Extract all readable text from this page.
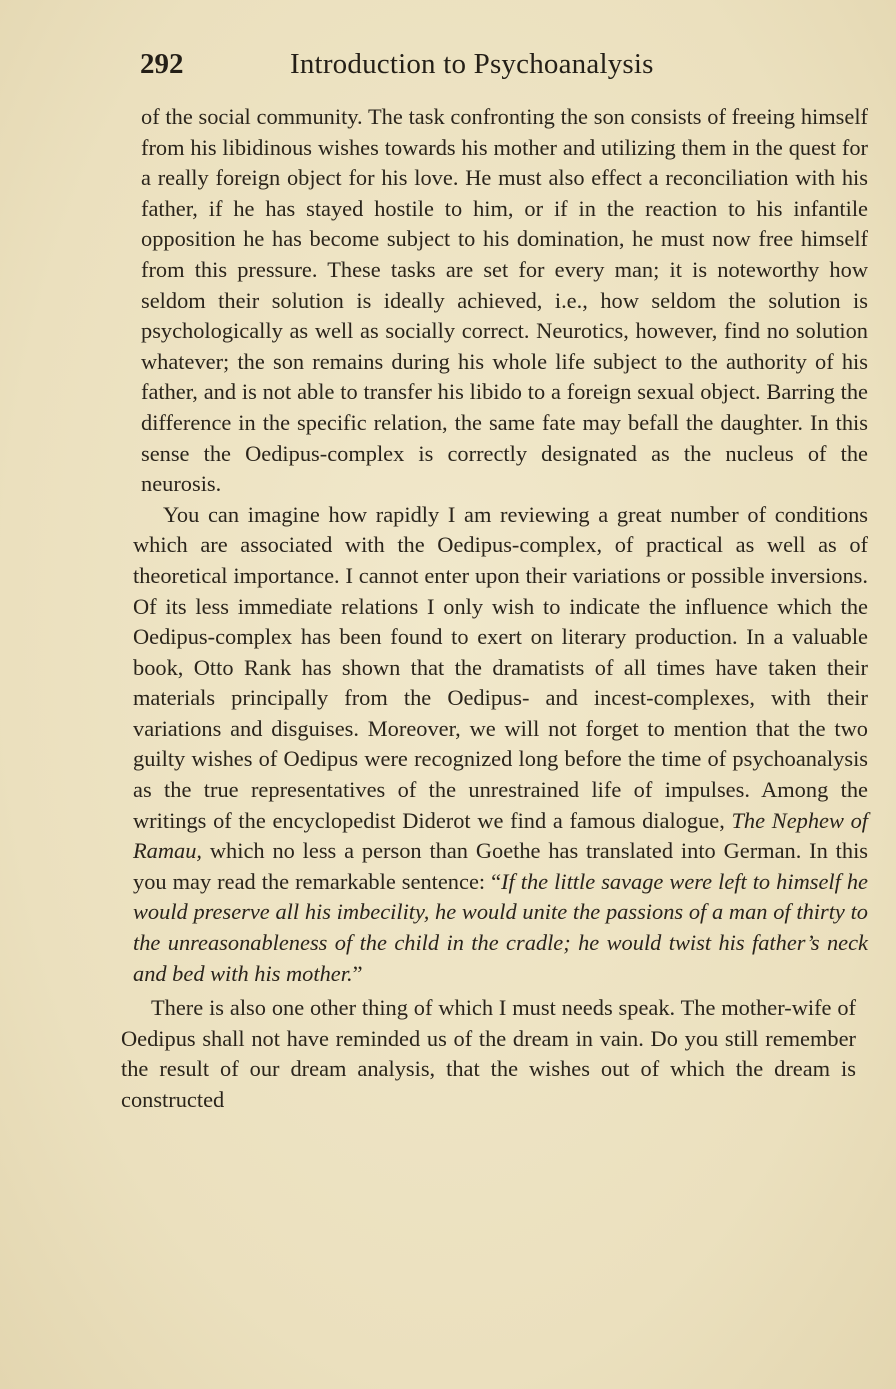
292	Introduction to Psychoanalysis

of the social community. The task confronting the son consists of freeing himself from his libidinous wishes towards his mother and utilizing them in the quest for a really foreign object for his love. He must also effect a reconciliation with his father, if he has stayed hostile to him, or if in the reaction to his infantile opposition he has become subject to his domination, he must now free himself from this pressure. These tasks are set for every man; it is noteworthy how seldom their solution is ideally achieved, i.e., how seldom the solution is psychologically as well as socially correct. Neurotics, however, find no solution whatever; the son remains during his whole life subject to the authority of his father, and is not able to transfer his libido to a foreign sexual object. Barring the difference in the specific relation, the same fate may befall the daughter. In this sense the Oedipus-complex is correctly designated as the nucleus of the neurosis.

You can imagine how rapidly I am reviewing a great number of conditions which are associated with the Oedipus-complex, of practical as well as of theoretical importance. I cannot enter upon their variations or possible inversions. Of its less immediate relations I only wish to indicate the influence which the Oedipus-complex has been found to exert on literary production. In a valuable book, Otto Rank has shown that the dramatists of all times have taken their materials principally from the Oedipus- and incest-complexes, with their variations and disguises. Moreover, we will not forget to mention that the two guilty wishes of Oedipus were recognized long before the time of psychoanalysis as the true representatives of the unrestrained life of impulses. Among the writings of the encyclopedist Diderot we find a famous dialogue, The Nephew of Ramau, which no less a person than Goethe has translated into German. In this you may read the remarkable sentence: “If the little savage were left to himself he would preserve all his imbecility, he would unite the passions of a man of thirty to the unreasonableness of the child in the cradle; he would twist his father’s neck and bed with his mother.”

There is also one other thing of which I must needs speak. The mother-wife of Oedipus shall not have reminded us of the dream in vain. Do you still remember the result of our dream analysis, that the wishes out of which the dream is constructed
